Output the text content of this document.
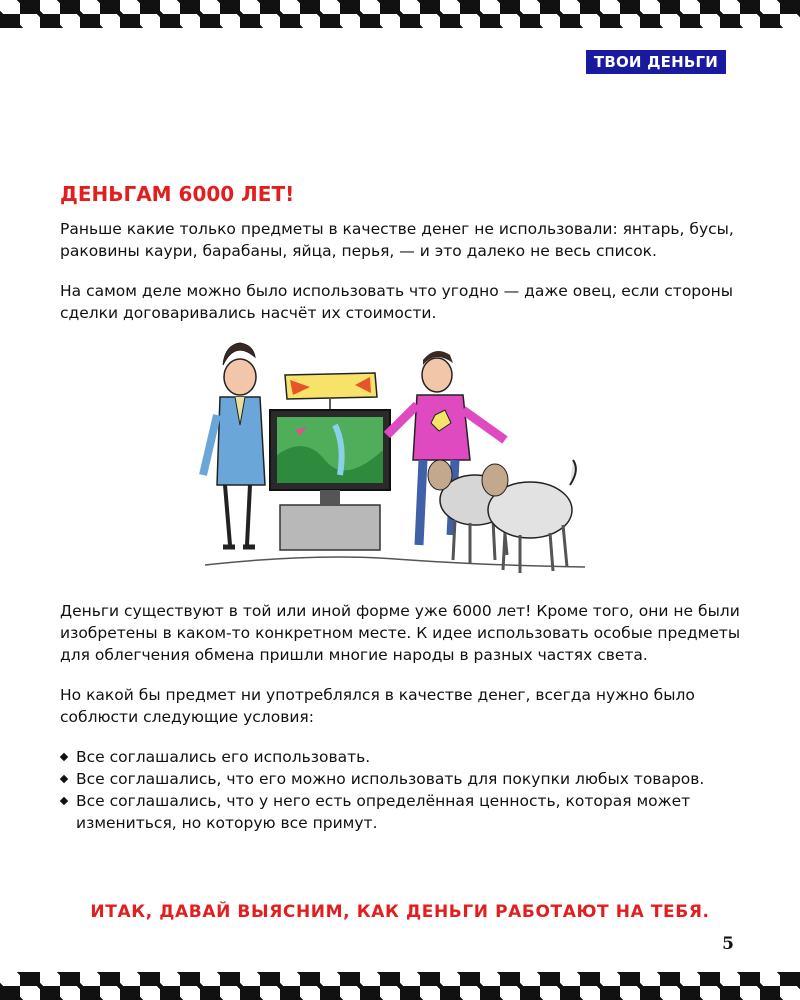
ТВОИ ДЕНЬГИ
ДЕНЬГАМ 6000 ЛЕТ!

Раньше какие только предметы в качестве денег не использовали: янтарь, бусы, раковины каури, барабаны, яйца, перья, — и это далеко не весь список.

На самом деле можно было использовать что угодно — даже овец, если стороны сделки договаривались насчёт их стоимости.

Деньги существуют в той или иной форме уже 6000 лет! Кроме того, они не были изобретены в каком-то конкретном месте. К идее использовать особые предметы для облегчения обмена пришли многие народы в разных частях света.

Но какой бы предмет ни употреблялся в качестве денег, всегда нужно было соблюсти следующие условия:

Все соглашались его использовать.
Все соглашались, что его можно использовать для покупки любых товаров.
Все соглашались, что у него есть определённая ценность, которая может измениться, но которую все примут.

ИТАК, ДАВАЙ ВЫЯСНИМ, КАК ДЕНЬГИ РАБОТАЮТ НА ТЕБЯ.

5
